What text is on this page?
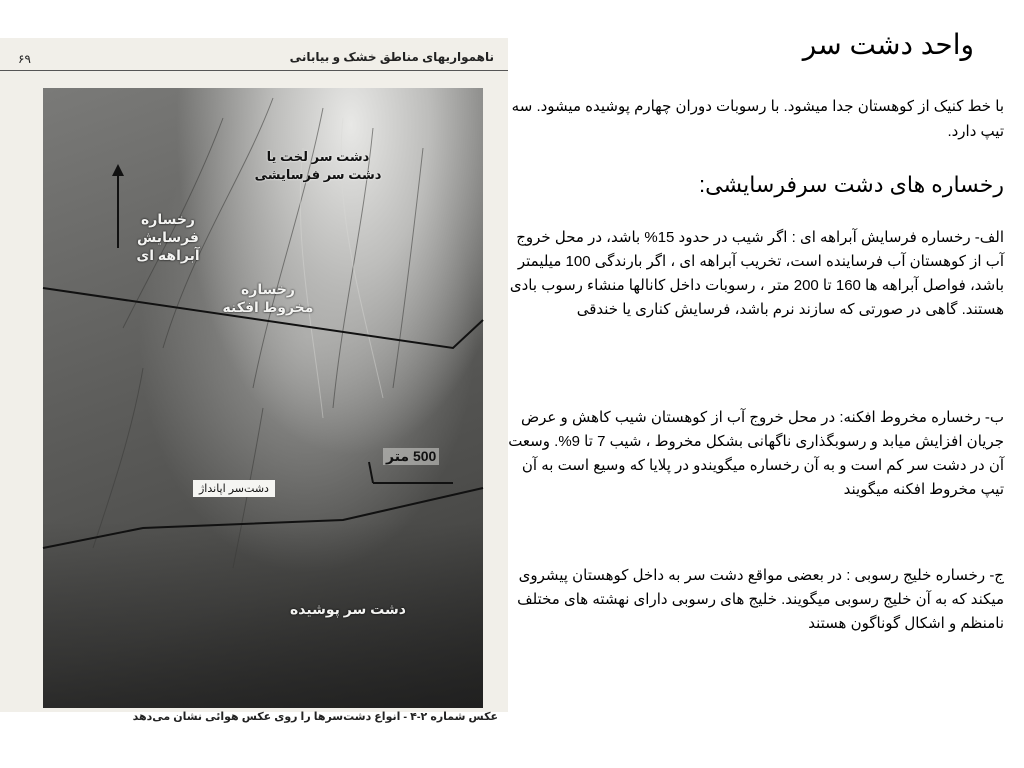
۶۹	ناهمواریهای مناطق خشک و بیابانی
دشت سر لخت یا
دشت سر فرسایشی
رخساره
فرسایش
آبراهه ای
رخساره
مخروط افکنه
دشت‌سر اپانداژ
500 متر
دشت سر پوشیده
عکس شماره ۲-۴ - انواع دشت‌سرها را روی عکس هوائی نشان می‌دهد
واحد دشت سر
با خط کنیک از کوهستان جدا میشود. با رسوبات دوران چهارم پوشیده میشود. سه تیپ دارد.
رخساره های دشت سرفرسایشی:
الف- رخساره فرسایش آبراهه ای : اگر شیب در حدود 15% باشد، در محل خروج آب از کوهستان آب فرساینده است، تخریب آبراهه ای ، اگر بارندگی 100 میلیمتر باشد، فواصل آبراهه ها 160 تا 200 متر ، رسوبات داخل کانالها منشاء رسوب بادی هستند. گاهی در صورتی که سازند نرم باشد، فرسایش کناری یا خندقی
ب- رخساره مخروط افکنه: در محل خروج آب از کوهستان شیب کاهش و عرض جریان افزایش میابد و رسوبگذاری ناگهانی بشکل مخروط ، شیب 7 تا 9%. وسعت آن در دشت سر کم است و به آن رخساره میگویندو در پلایا که وسیع است به آن تیپ مخروط افکنه میگویند
ج- رخساره خلیج رسوبی : در بعضی مواقع دشت سر به داخل کوهستان پیشروی میکند که به آن خلیج رسوبی میگویند. خلیج های رسوبی دارای نهشته های مختلف نامنظم و اشکال گوناگون هستند
